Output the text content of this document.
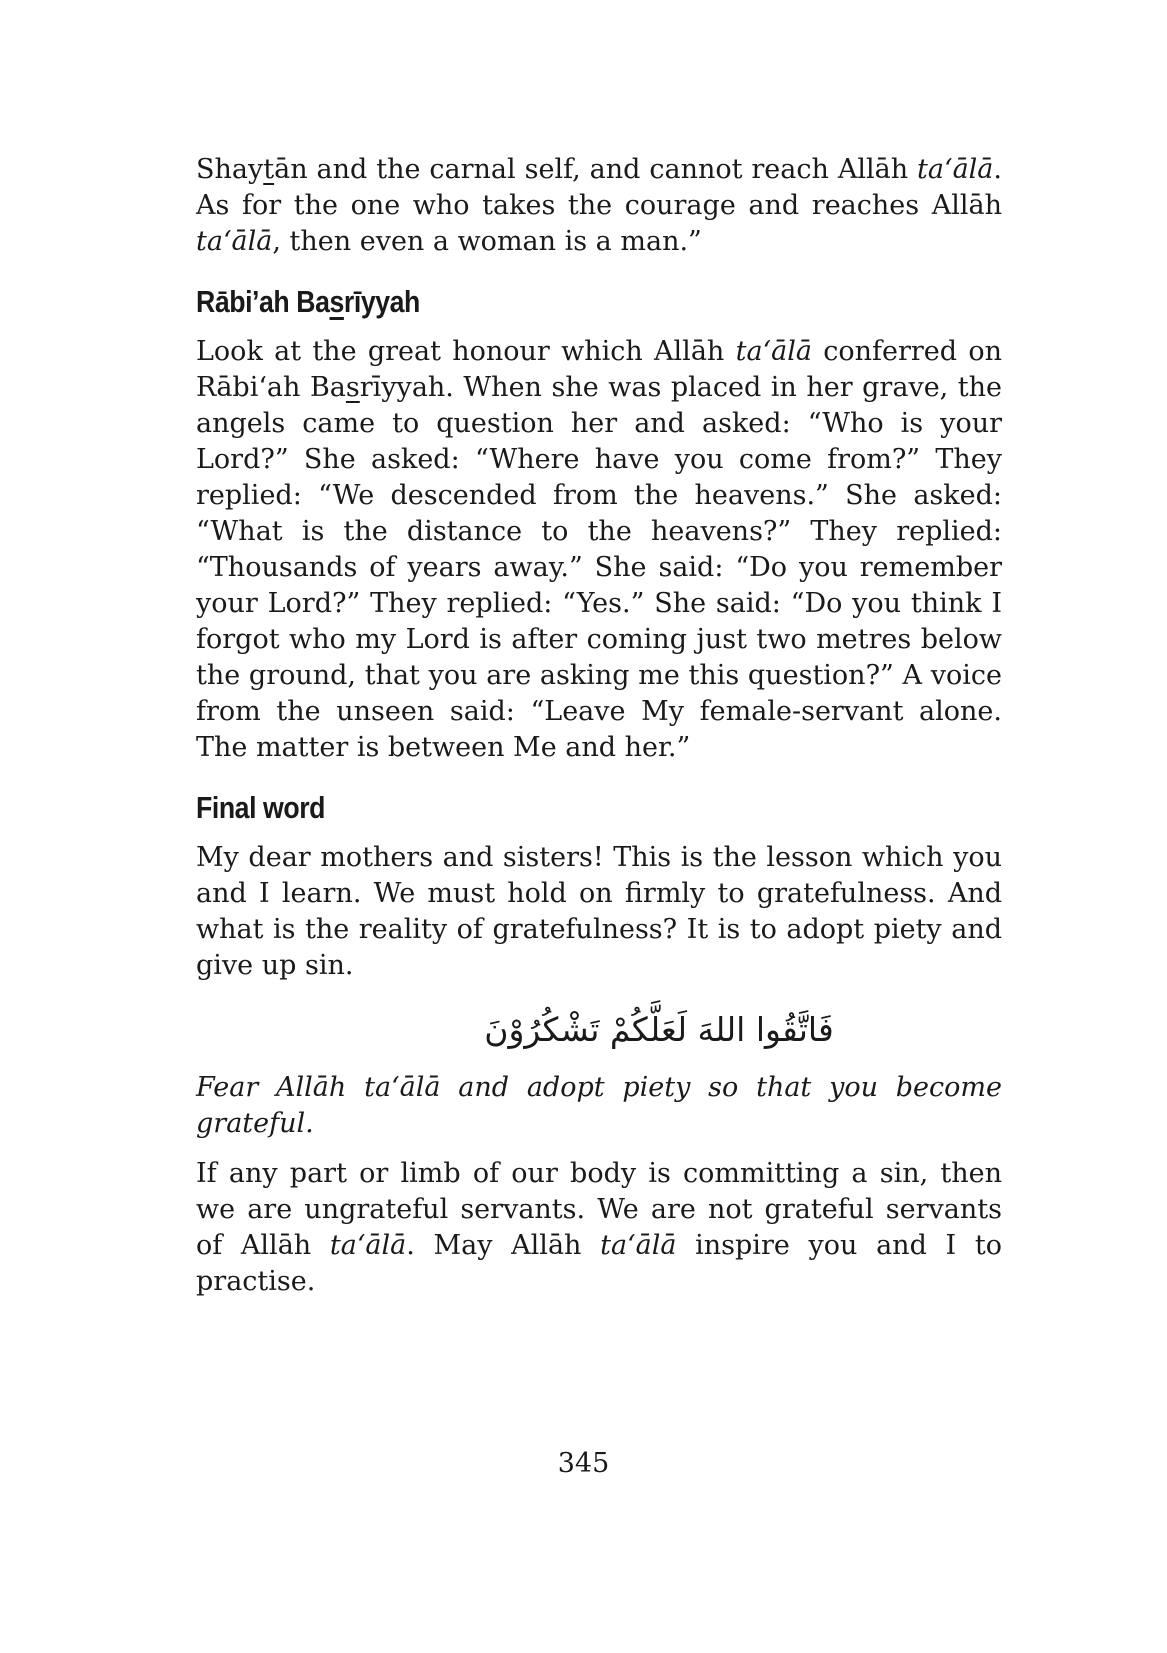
Shaytān and the carnal self, and cannot reach Allāh ta‘ālā. As for the one who takes the courage and reaches Allāh ta‘ālā, then even a woman is a man.”

Rābi’ah Basrīyyah

Look at the great honour which Allāh ta‘ālā conferred on Rābi‘ah Basrīyyah. When she was placed in her grave, the angels came to question her and asked: “Who is your Lord?” She asked: “Where have you come from?” They replied: “We descended from the heavens.” She asked: “What is the distance to the heavens?” They replied: “Thousands of years away.” She said: “Do you remember your Lord?” They replied: “Yes.” She said: “Do you think I forgot who my Lord is after coming just two metres below the ground, that you are asking me this question?” A voice from the unseen said: “Leave My female-servant alone. The matter is between Me and her.”

Final word

My dear mothers and sisters! This is the lesson which you and I learn. We must hold on firmly to gratefulness. And what is the reality of gratefulness? It is to adopt piety and give up sin.

فَاتَّقُوا اللهَ لَعَلَّكُمْ تَشْكُرُوْنَ

Fear Allāh ta‘ālā and adopt piety so that you become grateful.

If any part or limb of our body is committing a sin, then we are ungrateful servants. We are not grateful servants of Allāh ta‘ālā. May Allāh ta‘ālā inspire you and I to practise.

345
